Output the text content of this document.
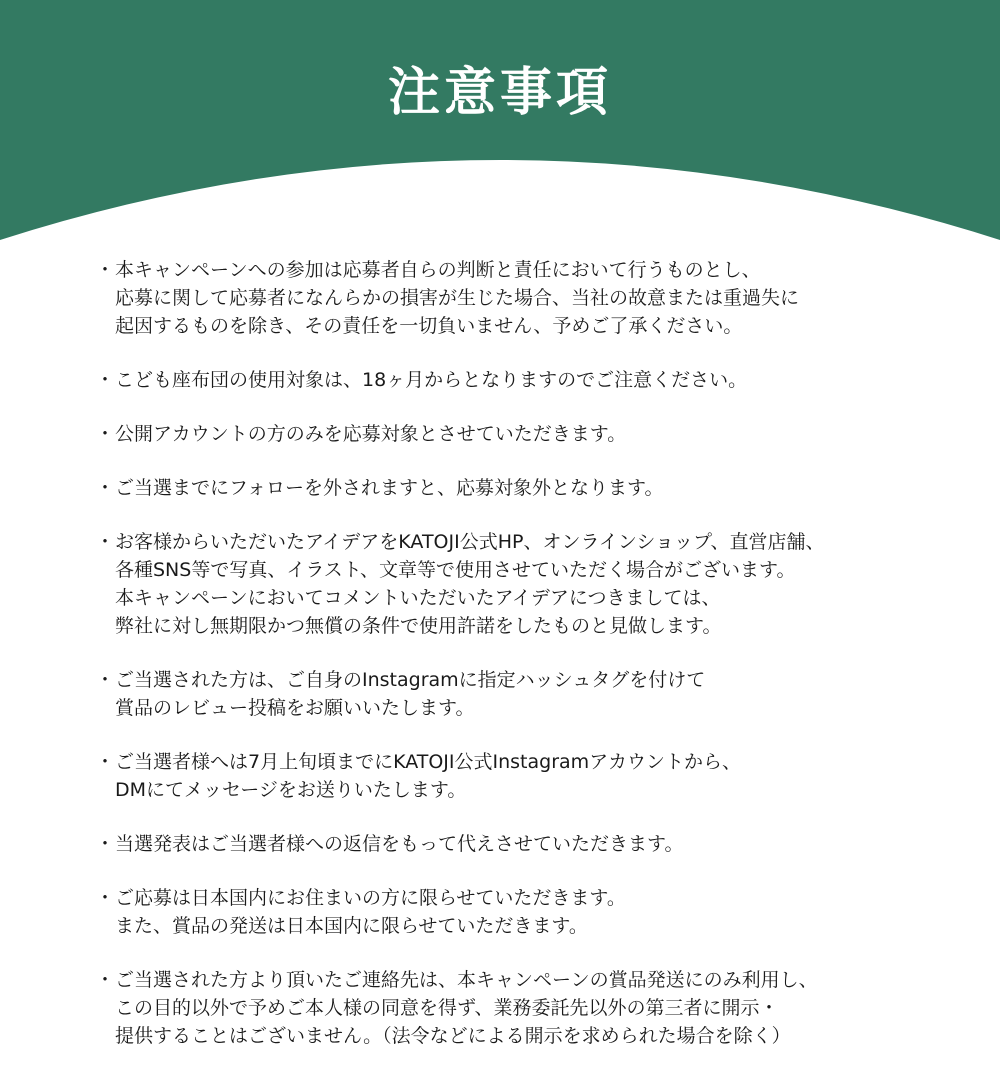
注意事項
・ 本キャンペーンへの参加は応募者自らの判断と責任において行うものとし、
応募に関して応募者になんらかの損害が生じた場合、当社の故意または重過失に
起因するものを除き、その責任を一切負いません、予めご了承ください。
・ こども座布団の使用対象は、18ヶ月からとなりますのでご注意ください。
・ 公開アカウントの方のみを応募対象とさせていただきます。
・ ご当選までにフォローを外されますと、応募対象外となります。
・ お客様からいただいたアイデアをKATOJI公式HP、オンラインショップ、直営店舗、
各種SNS等で写真、イラスト、文章等で使用させていただく場合がございます。
本キャンペーンにおいてコメントいただいたアイデアにつきましては、
弊社に対し無期限かつ無償の条件で使用許諾をしたものと見做します。
・ ご当選された方は、ご自身のInstagramに指定ハッシュタグを付けて
賞品のレビュー投稿をお願いいたします。
・ ご当選者様へは7月上旬頃までにKATOJI公式Instagramアカウントから、
DMにてメッセージをお送りいたします。
・ 当選発表はご当選者様への返信をもって代えさせていただきます。
・ ご応募は日本国内にお住まいの方に限らせていただきます。
また、賞品の発送は日本国内に限らせていただきます。
・ ご当選された方より頂いたご連絡先は、本キャンペーンの賞品発送にのみ利用し、
この目的以外で予めご本人様の同意を得ず、業務委託先以外の第三者に開示・
提供することはございません。（法令などによる開示を求められた場合を除く）
